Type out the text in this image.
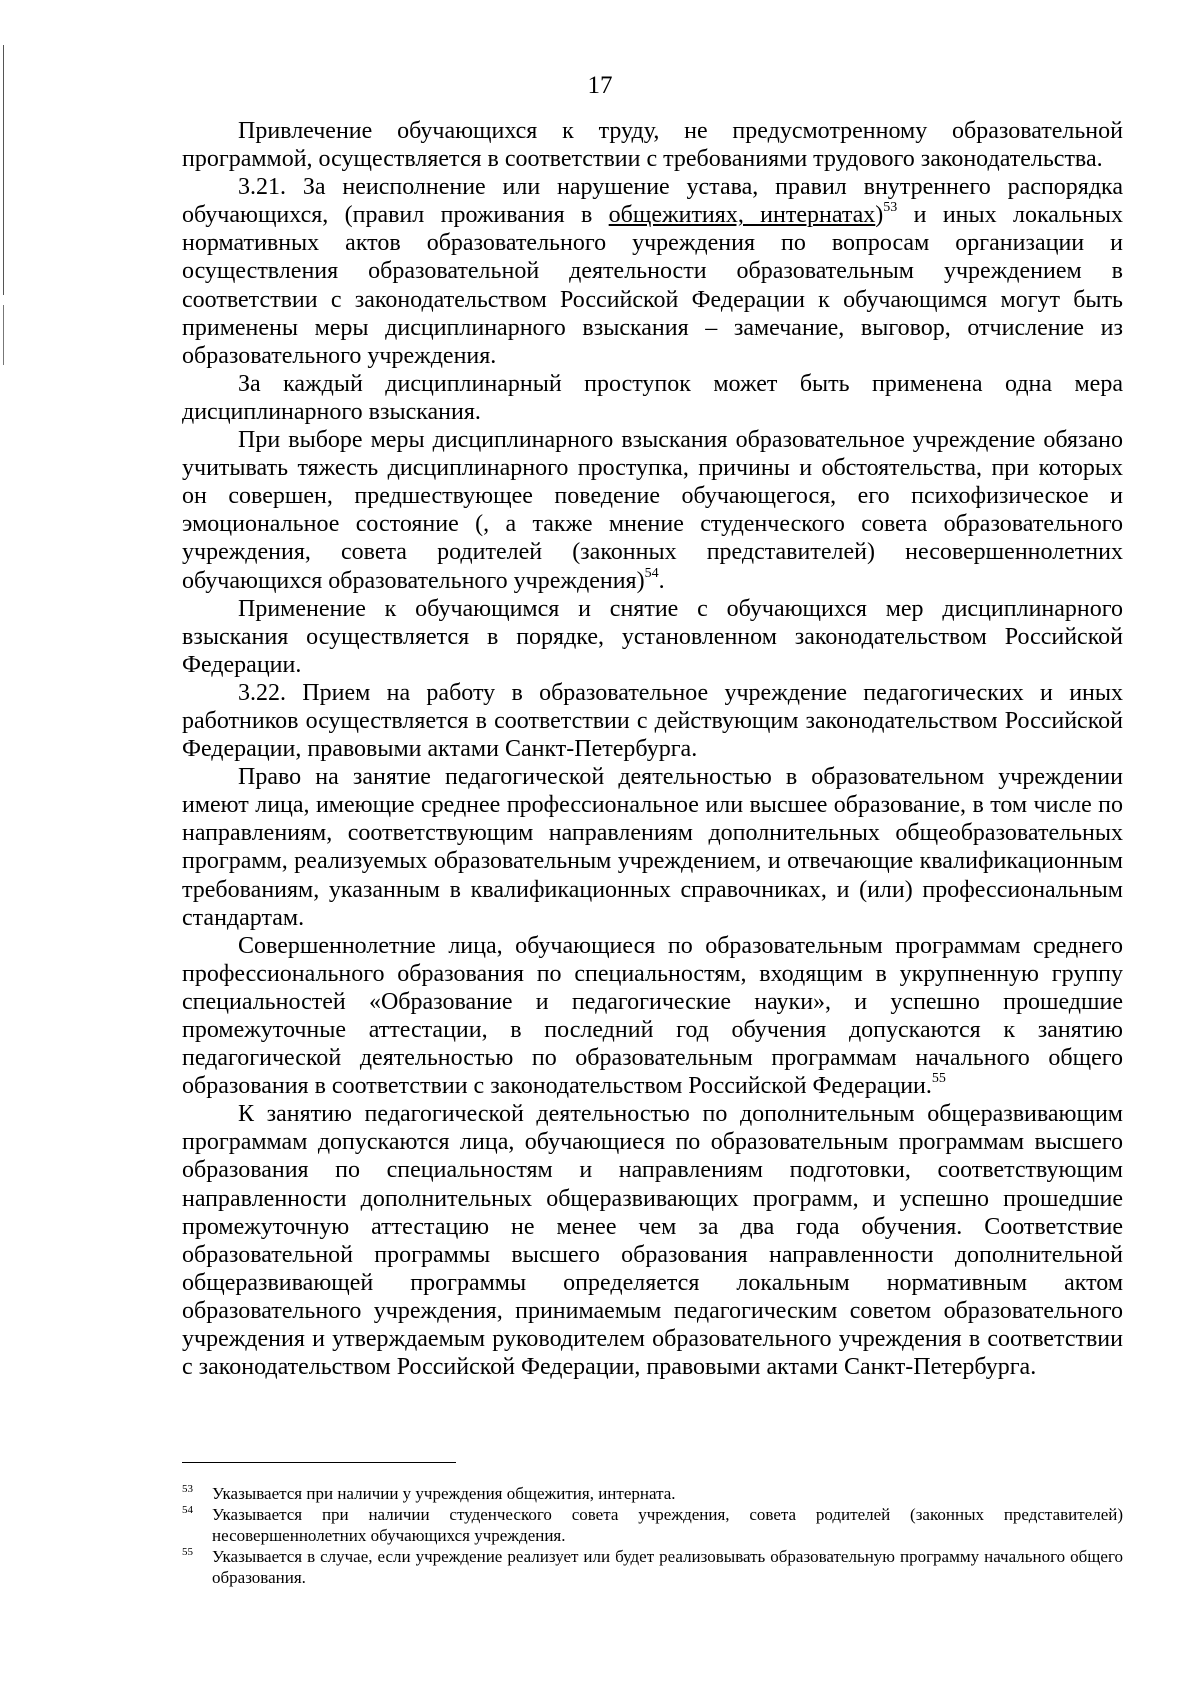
17

Привлечение обучающихся к труду, не предусмотренному образовательной программой, осуществляется в соответствии с требованиями трудового законодательства.

3.21. За неисполнение или нарушение устава, правил внутреннего распорядка обучающихся, (правил проживания в общежитиях, интернатах)$^{53}$ и иных локальных нормативных актов образовательного учреждения по вопросам организации и осуществления образовательной деятельности образовательным учреждением в соответствии с законодательством Российской Федерации к обучающимся могут быть применены меры дисциплинарного взыскания – замечание, выговор, отчисление из образовательного учреждения.

За каждый дисциплинарный проступок может быть применена одна мера дисциплинарного взыскания.

При выборе меры дисциплинарного взыскания образовательное учреждение обязано учитывать тяжесть дисциплинарного проступка, причины и обстоятельства, при которых он совершен, предшествующее поведение обучающегося, его психофизическое и эмоциональное состояние (, а также мнение студенческого совета образовательного учреждения, совета родителей (законных представителей) несовершеннолетних обучающихся образовательного учреждения)$^{54}$.

Применение к обучающимся и снятие с обучающихся мер дисциплинарного взыскания осуществляется в порядке, установленном законодательством Российской Федерации.

3.22. Прием на работу в образовательное учреждение педагогических и иных работников осуществляется в соответствии с действующим законодательством Российской Федерации, правовыми актами Санкт-Петербурга.

Право на занятие педагогической деятельностью в образовательном учреждении имеют лица, имеющие среднее профессиональное или высшее образование, в том числе по направлениям, соответствующим направлениям дополнительных общеобразовательных программ, реализуемых образовательным учреждением, и отвечающие квалификационным требованиям, указанным в квалификационных справочниках, и (или) профессиональным стандартам.

Совершеннолетние лица, обучающиеся по образовательным программам среднего профессионального образования по специальностям, входящим в укрупненную группу специальностей «Образование и педагогические науки», и успешно прошедшие промежуточные аттестации, в последний год обучения допускаются к занятию педагогической деятельностью по образовательным программам начального общего образования в соответствии с законодательством Российской Федерации.$^{55}$

К занятию педагогической деятельностью по дополнительным общеразвивающим программам допускаются лица, обучающиеся по образовательным программам высшего образования по специальностям и направлениям подготовки, соответствующим направленности дополнительных общеразвивающих программ, и успешно прошедшие промежуточную аттестацию не менее чем за два года обучения. Соответствие образовательной программы высшего образования направленности дополнительной общеразвивающей программы определяется локальным нормативным актом образовательного учреждения, принимаемым педагогическим советом образовательного учреждения и утверждаемым руководителем образовательного учреждения в соответствии с законодательством Российской Федерации, правовыми актами Санкт-Петербурга.

53 Указывается при наличии у учреждения общежития, интерната.
54 Указывается при наличии студенческого совета учреждения, совета родителей (законных представителей) несовершеннолетних обучающихся учреждения.
55 Указывается в случае, если учреждение реализует или будет реализовывать образовательную программу начального общего образования.
